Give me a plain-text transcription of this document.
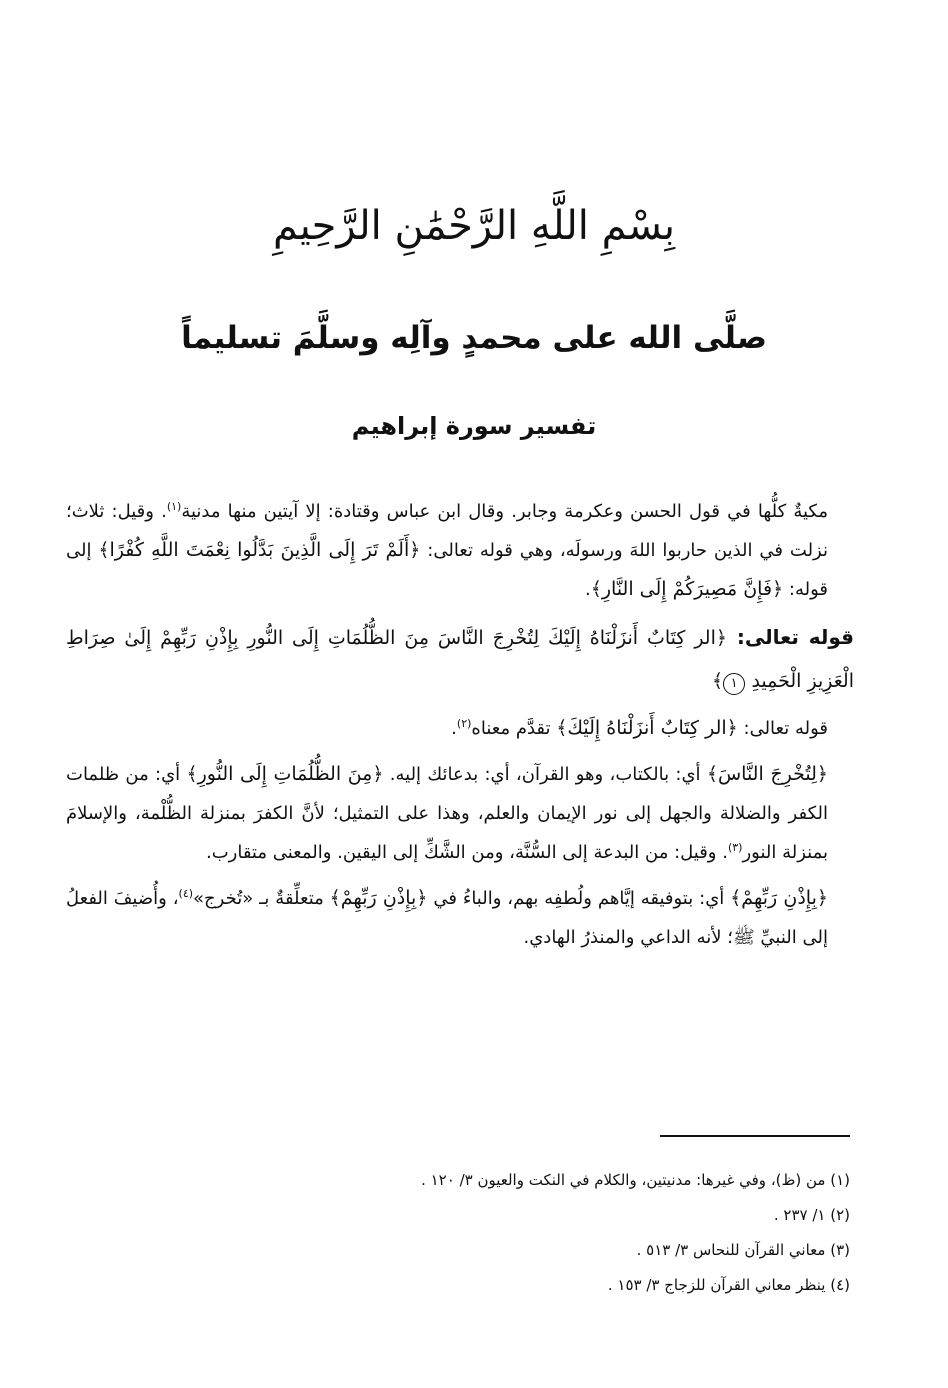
بِسْمِ اللَّهِ الرَّحْمَٰنِ الرَّحِيمِ
صلَّى الله على محمدٍ وآلِه وسلَّمَ تسليماً
تفسير سورة إبراهيم

مكيةٌ كلُّها في قول الحسن وعكرمة وجابر. وقال ابن عباس وقتادة: إلا آيتين منها مدنية$^{(١)}$. وقيل: ثلاث؛ نزلت في الذين حاربوا اللهَ ورسولَه، وهي قوله تعالى: ﴿أَلَمْ تَرَ إِلَى الَّذِينَ بَدَّلُوا نِعْمَتَ اللَّهِ كُفْرًا﴾ إلى قوله: ﴿فَإِنَّ مَصِيرَكُمْ إِلَى النَّارِ﴾.

قوله تعالى: ﴿الر كِتَابٌ أَنزَلْنَاهُ إِلَيْكَ لِتُخْرِجَ النَّاسَ مِنَ الظُّلُمَاتِ إِلَى النُّورِ بِإِذْنِ رَبِّهِمْ إِلَىٰ صِرَاطِ الْعَزِيزِ الْحَمِيدِ ١﴾

قوله تعالى: ﴿الر كِتَابٌ أَنزَلْنَاهُ إِلَيْكَ﴾ تقدَّم معناه$^{(٢)}$.

﴿لِتُخْرِجَ النَّاسَ﴾ أي: بالكتاب، وهو القرآن، أي: بدعائك إليه. ﴿مِنَ الظُّلُمَاتِ إِلَى النُّورِ﴾ أي: من ظلمات الكفر والضلالة والجهل إلى نور الإيمان والعلم، وهذا على التمثيل؛ لأنَّ الكفرَ بمنزلة الظُّلْمة، والإسلامَ بمنزلة النور$^{(٣)}$. وقيل: من البدعة إلى السُّنَّة، ومن الشَّكِّ إلى اليقين. والمعنى متقارب.

﴿بِإِذْنِ رَبِّهِمْ﴾ أي: بتوفيقه إيَّاهم ولُطفِه بهم، والباءُ في ﴿بِإِذْنِ رَبِّهِمْ﴾ متعلِّقةٌ بـ «تُخرج»$^{(٤)}$، وأُضيفَ الفعلُ إلى النبيِّ ﷺ؛ لأنه الداعي والمنذرُ الهادي.

(١) من (ظ)، وفي غيرها: مدنيتين، والكلام في النكت والعيون ٣/ ١٢٠ .
(٢) ١/ ٢٣٧ .
(٣) معاني القرآن للنحاس ٣/ ٥١٣ .
(٤) ينظر معاني القرآن للزجاج ٣/ ١٥٣ .
